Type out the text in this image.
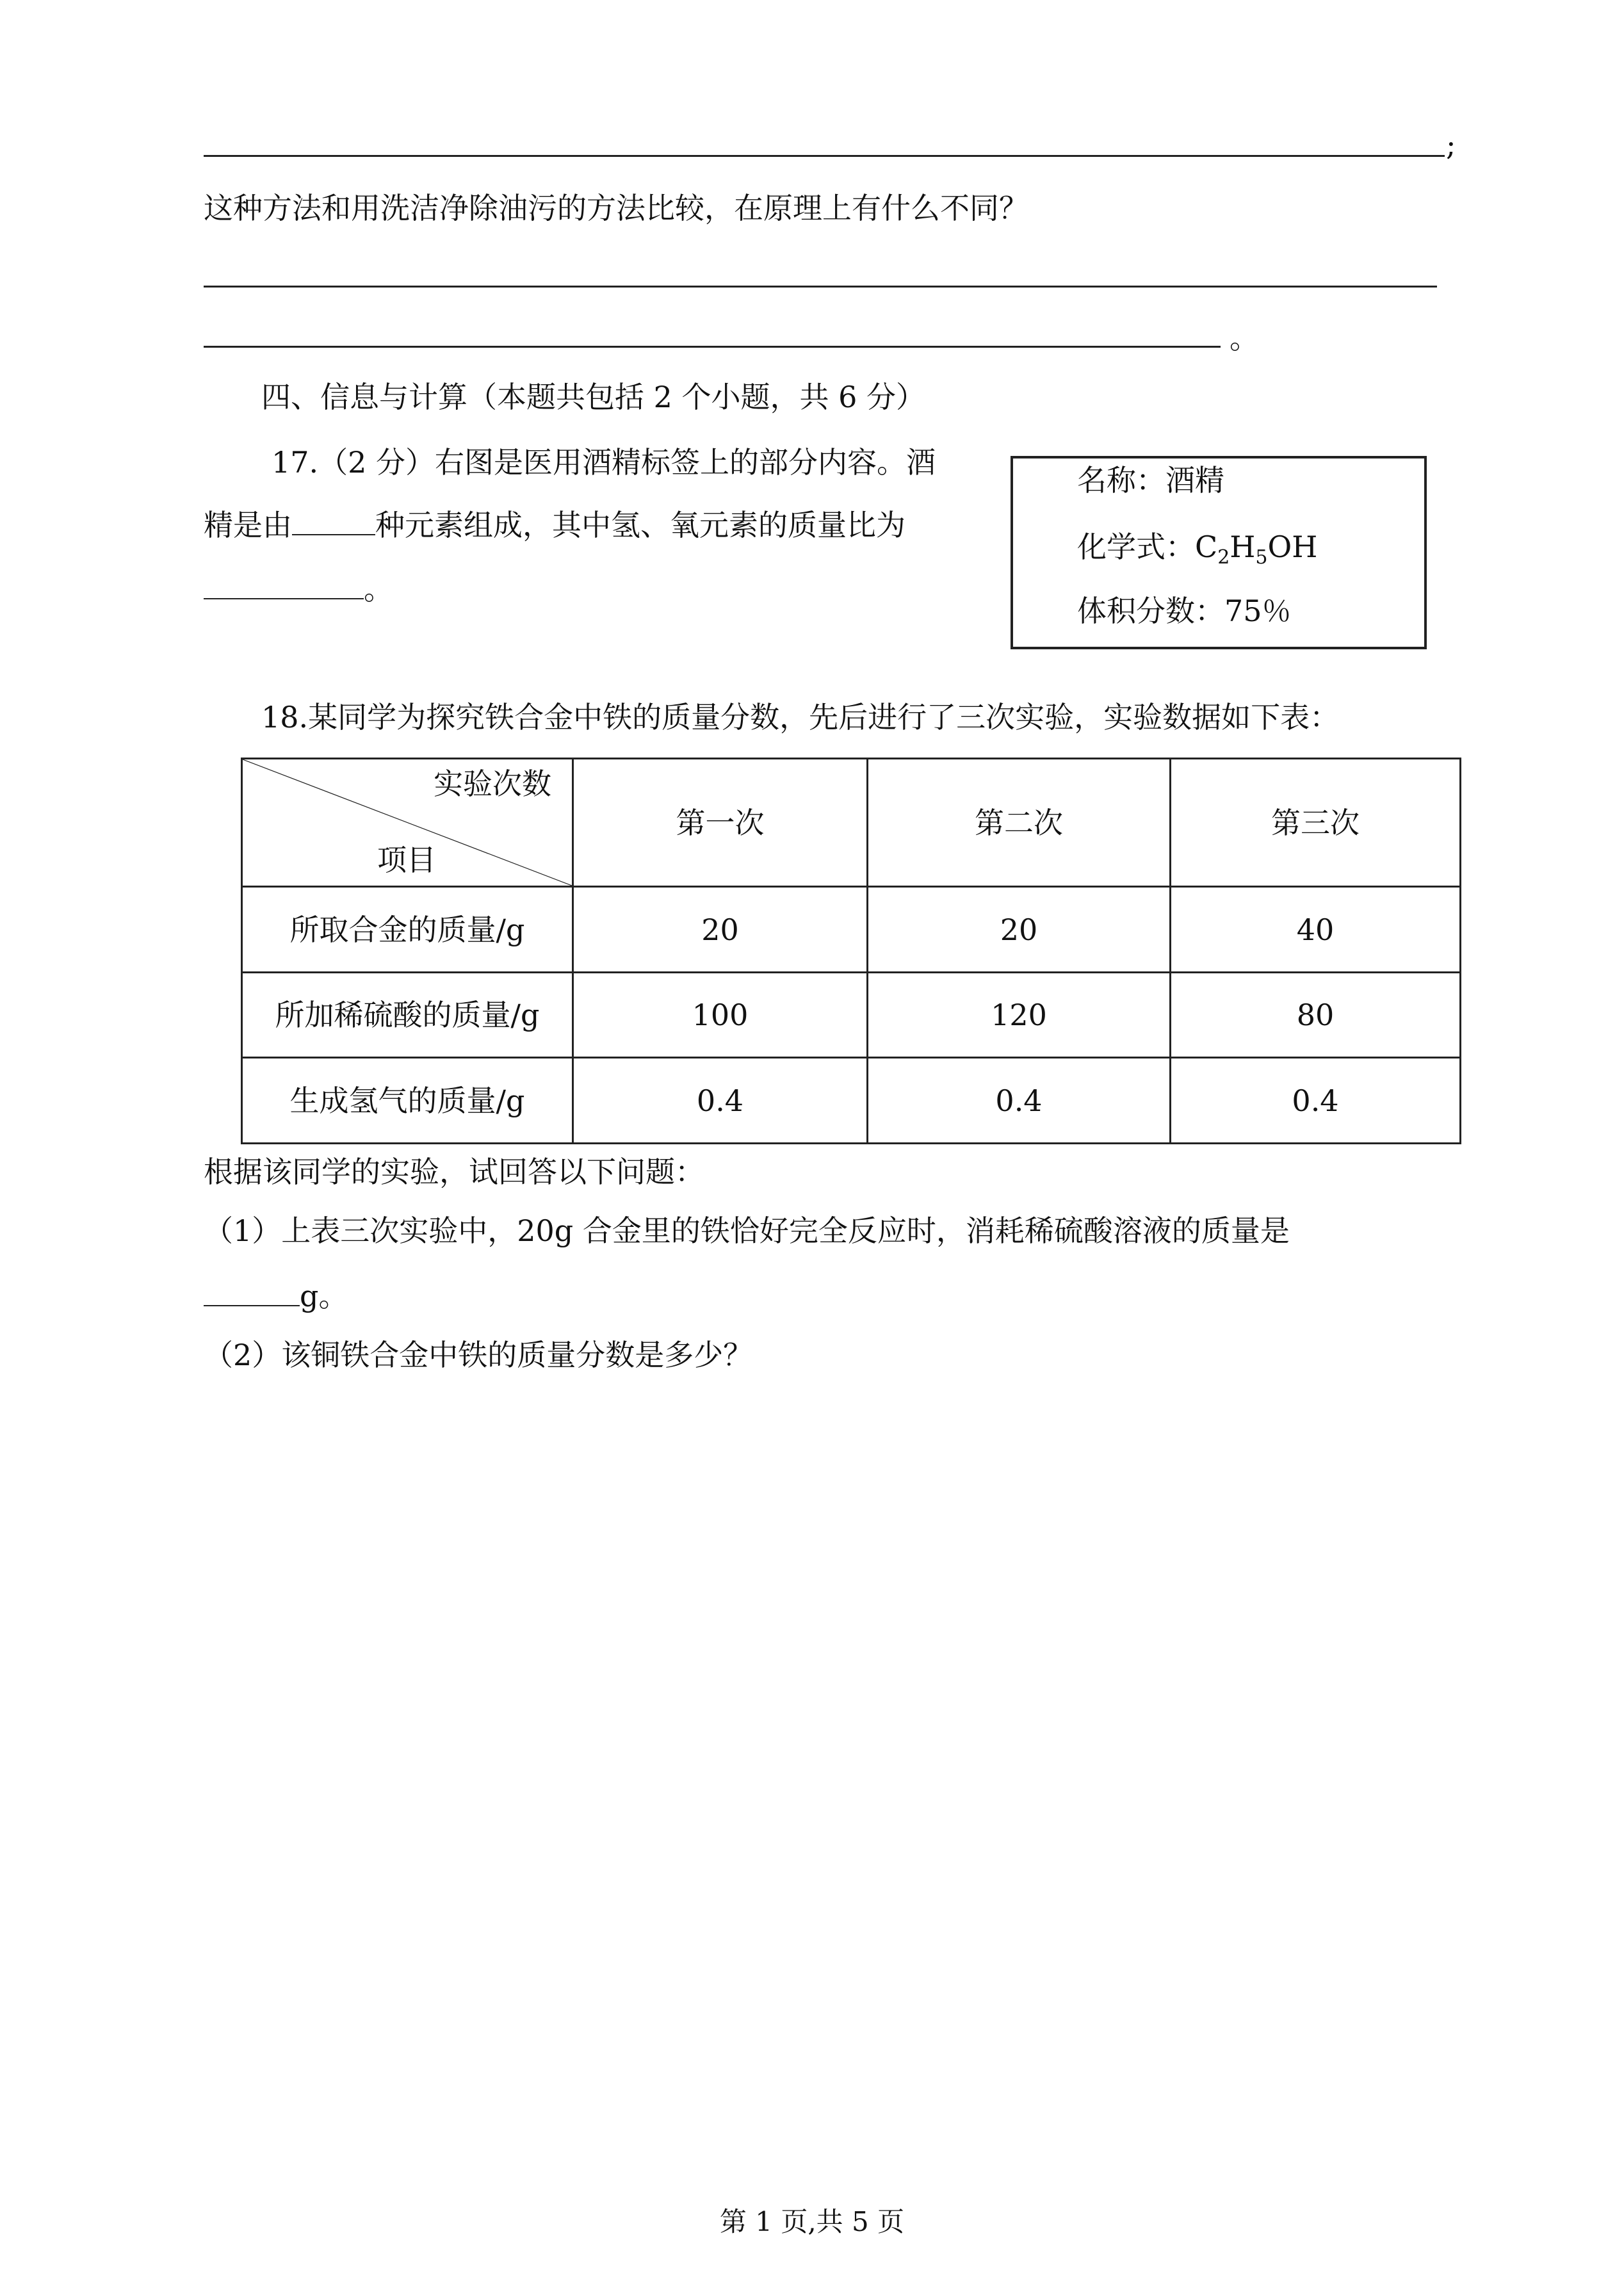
;
这种方法和用洗洁净除油污的方法比较，在原理上有什么不同？
。
四、信息与计算（本题共包括 2 个小题，共 6 分）
17.（2 分）右图是医用酒精标签上的部分内容。酒
精是由	种元素组成，其中氢、氧元素的质量比为
。
名称：酒精
化学式：$C_2H_5OH$
体积分数：75％
18.某同学为探究铁合金中铁的质量分数，先后进行了三次实验，实验数据如下表：
实验次数
项目	第一次	第二次	第三次
所取合金的质量/g	20	20	40
所加稀硫酸的质量/g	100	120	80
生成氢气的质量/g	0.4	0.4	0.4
根据该同学的实验，试回答以下问题：
（1）上表三次实验中，20g 合金里的铁恰好完全反应时，消耗稀硫酸溶液的质量是
g。
（2）该铜铁合金中铁的质量分数是多少？
第 1 页,共 5 页
